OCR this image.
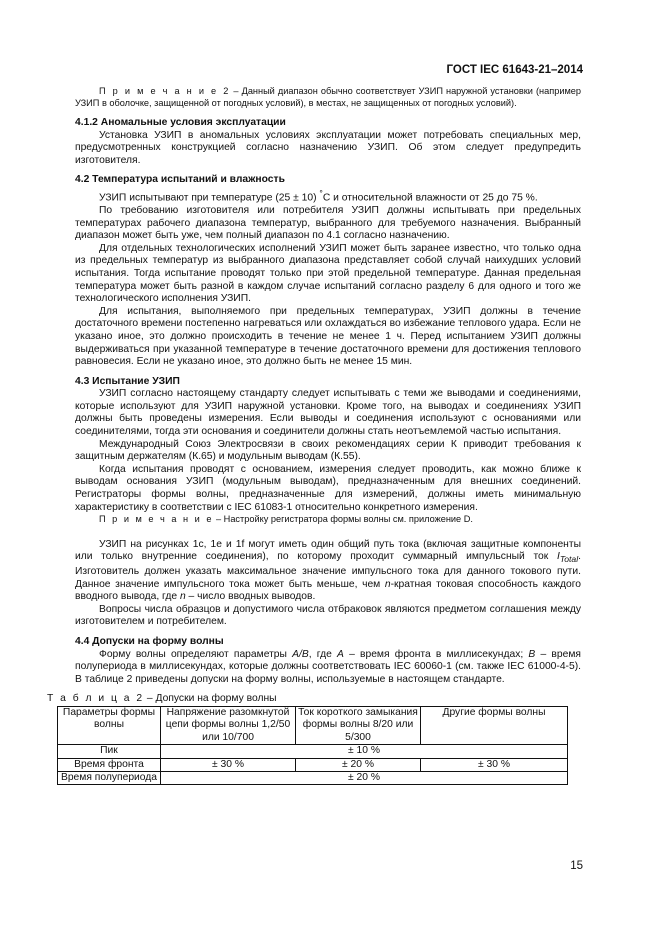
ГОСТ IEC 61643-21–2014

П р и м е ч а н и е 2 – Данный диапазон обычно соответствует УЗИП наружной установки (например УЗИП в оболочке, защищенной от погодных условий), в местах, не защищенных от погодных условий).

4.1.2 Аномальные условия эксплуатации

Установка УЗИП в аномальных условиях эксплуатации может потребовать специальных мер, предусмотренных конструкцией согласно назначению УЗИП. Об этом следует предупредить изготовителя.

4.2 Температура испытаний и влажность

УЗИП испытывают при температуре (25 ± 10) °С и относительной влажности от 25 до 75 %.

По требованию изготовителя или потребителя УЗИП должны испытывать при предельных температурах рабочего диапазона температур, выбранного для требуемого назначения. Выбранный диапазон может быть уже, чем полный диапазон по 4.1 согласно назначению.

Для отдельных технологических исполнений УЗИП может быть заранее известно, что только одна из предельных температур из выбранного диапазона представляет собой случай наихудших условий испытания. Тогда испытание проводят только при этой предельной температуре. Данная предельная температура может быть разной в каждом случае испытаний согласно разделу 6 для одного и того же технологического исполнения УЗИП.

Для испытания, выполняемого при предельных температурах, УЗИП должны в течение достаточного времени постепенно нагреваться или охлаждаться во избежание теплового удара. Если не указано иное, это должно происходить в течение не менее 1 ч. Перед испытанием УЗИП должны выдерживаться при указанной температуре в течение достаточного времени для достижения теплового равновесия. Если не указано иное, это должно быть не менее 15 мин.

4.3 Испытание УЗИП

УЗИП согласно настоящему стандарту следует испытывать с теми же выводами и соединениями, которые используют для УЗИП наружной установки. Кроме того, на выводах и соединениях УЗИП должны быть проведены измерения. Если выводы и соединения используют с основаниями или соединителями, тогда эти основания и соединители должны стать неотъемлемой частью испытания.

Международный Союз Электросвязи в своих рекомендациях серии К приводит требования к защитным держателям (К.65) и модульным выводам (К.55).

Когда испытания проводят с основанием, измерения следует проводить, как можно ближе к выводам основания УЗИП (модульным выводам), предназначенным для внешних соединений. Регистраторы формы волны, предназначенные для измерений, должны иметь минимальную характеристику в соответствии с IEC 61083-1 относительно конкретного измерения.

П р и м е ч а н и е – Настройку регистратора формы волны см. приложение D.

УЗИП на рисунках 1с, 1е и 1f могут иметь один общий путь тока (включая защитные компоненты или только внутренние соединения), по которому проходит суммарный импульсный ток $I_{Total}$. Изготовитель должен указать максимальное значение импульсного тока для данного токового пути. Данное значение импульсного тока может быть меньше, чем n-кратная токовая способность каждого вводного вывода, где n – число вводных выводов.

Вопросы числа образцов и допустимого числа отбраковок являются предметом соглашения между изготовителем и потребителем.

4.4 Допуски на форму волны

Форму волны определяют параметры A/B, где A – время фронта в миллисекундах; B – время полупериода в миллисекундах, которые должны соответствовать IEC 60060-1 (см. также IEC 61000-4-5). В таблице 2 приведены допуски на форму волны, используемые в настоящем стандарте.

Т а б л и ц а 2 – Допуски на форму волны
Параметры формы волны	Напряжение разомкнутой цепи формы волны 1,2/50 или 10/700	Ток короткого замыкания формы волны 8/20 или 5/300	Другие формы волны
Пик	± 10 %		
Время фронта	± 30 %	± 20 %	± 30 %
Время полупериода	± 20 %		
15
